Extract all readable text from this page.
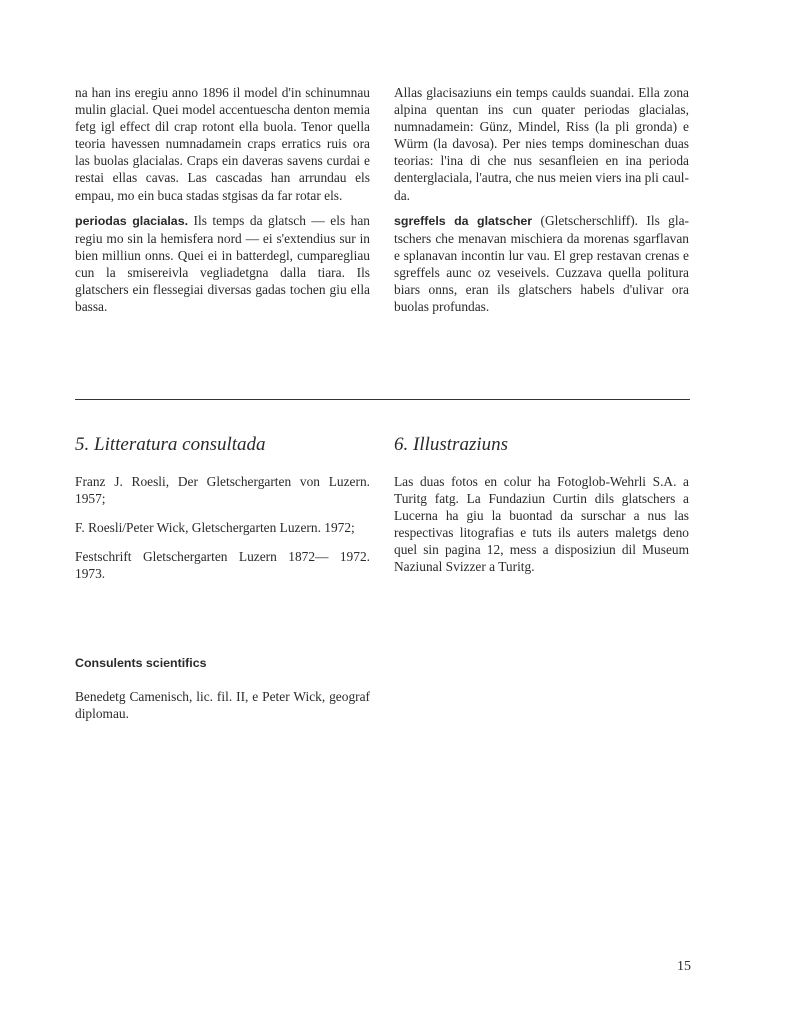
na han ins eregiu anno 1896 il model d'in schinumnau mulin glacial. Quei model accentuescha denton memia fetg igl effect dil crap rotont ella buola. Tenor quella teoria havessen numnadamein craps erratics ruis ora las buolas glacialas. Craps ein daveras savens curdai e restai ellas cavas. Las cascadas han arrundau els empau, mo ein buca stadas stgisas da far rotar els.

periodas glacialas. Ils temps da glatsch — els han regiu mo sin la hemisfera nord — ei s'extendius sur in bien milliun onns. Quei ei in batterdegl, cumparegliau cun la smisereivla vegliadetgna dalla tiara. Ils glatschers ein flessegiai diversas gadas tochen giu ella bassa.

Allas glacisaziuns ein temps caulds suandai. Ella zona alpina quentan ins cun quater periodas glacialas, numnadamein: Günz, Mindel, Riss (la pli gronda) e Würm (la davosa). Per nies temps domineschan duas teorias: l'ina di che nus sesanfleien en ina perioda denterglaciala, l'autra, che nus meien viers ina pli caulda.

sgreffels da glatscher (Gletscherschliff). Ils glatschers che menavan mischiera da morenas sgarflavan e splanavan incontin lur vau. El grep restavan crenas e sgreffels aunc oz veseivels. Cuzzava quella politura biars onns, eran ils glatschers habels d'ulivar ora buolas profundas.

5. Litteratura consultada	6. Illustraziuns

Franz J. Roesli, Der Gletschergarten von Luzern. 1957;

F. Roesli/Peter Wick, Gletschergarten Luzern. 1972;

Festschrift Gletschergarten Luzern 1872— 1972. 1973.

Las duas fotos en colur ha Fotoglob-Wehrli S.A. a Turitg fatg. La Fundaziun Curtin dils glatschers a Lucerna ha giu la buontad da surschar a nus las respectivas litografias e tuts ils auters maletgs deno quel sin pagina 12, mess a disposiziun dil Museum Naziunal Svizzer a Turitg.

Consulents scientifics

Benedetg Camenisch, lic. fil. II, e Peter Wick, geograf diplomau.

15
